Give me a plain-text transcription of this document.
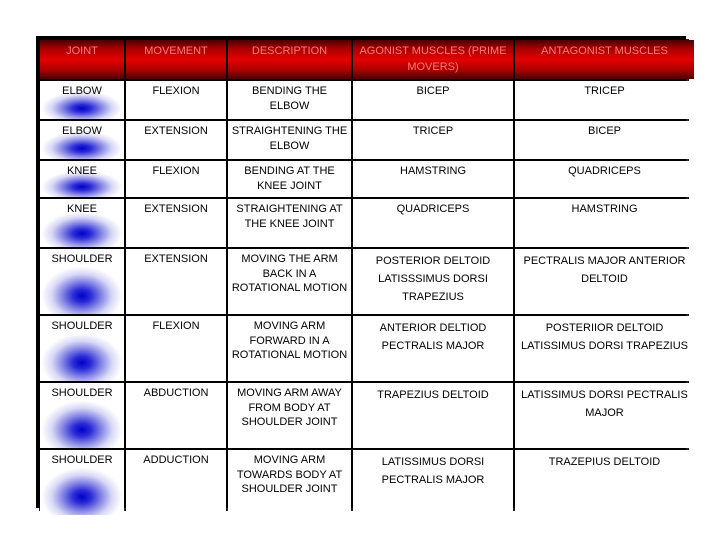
JOINT	MOVEMENT	DESCRIPTION	AGONIST MUSCLES (PRIME MOVERS)	ANTAGONIST MUSCLES
ELBOW	FLEXION	BENDING THE ELBOW	BICEP	TRICEP
ELBOW	EXTENSION	STRAIGHTENING THE ELBOW	TRICEP	BICEP
KNEE	FLEXION	BENDING AT THE KNEE JOINT	HAMSTRING	QUADRICEPS
KNEE	EXTENSION	STRAIGHTENING AT THE KNEE JOINT	QUADRICEPS	HAMSTRING
SHOULDER	EXTENSION	MOVING THE ARM BACK IN A ROTATIONAL MOTION	POSTERIOR DELTOID LATISSSIMUS DORSI TRAPEZIUS	PECTRALIS MAJOR ANTERIOR DELTOID
SHOULDER	FLEXION	MOVING ARM FORWARD IN A ROTATIONAL MOTION	ANTERIOR DELTIOD PECTRALIS MAJOR	POSTERIIOR DELTOID LATISSIMUS DORSI TRAPEZIUS
SHOULDER	ABDUCTION	MOVING ARM AWAY FROM BODY AT SHOULDER JOINT	TRAPEZIUS DELTOID	LATISSIMUS DORSI PECTRALIS MAJOR
SHOULDER	ADDUCTION	MOVING ARM TOWARDS BODY AT SHOULDER JOINT	LATISSIMUS DORSI PECTRALIS MAJOR	TRAZEPIUS DELTOID
